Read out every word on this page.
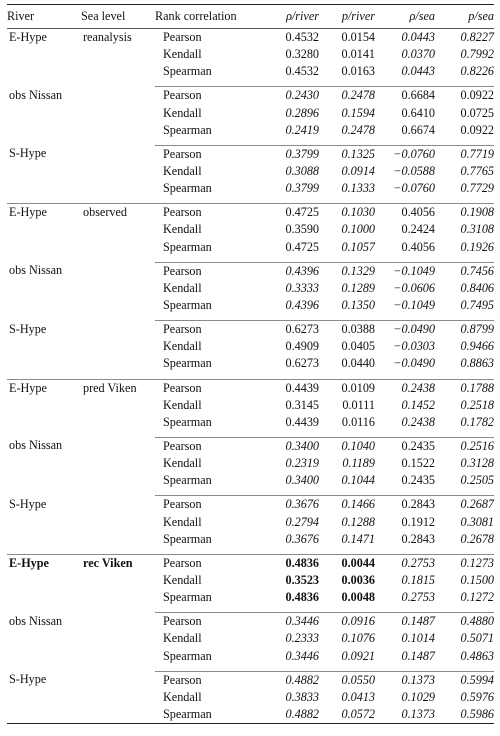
River	Sea level	Rank correlation	ρ/river	p/river	ρ/sea	p/sea
E-Hype	reanalysis	Pearson	0.4532	0.0154	0.0443	0.8227
		Kendall	0.3280	0.0141	0.0370	0.7992
		Spearman	0.4532	0.0163	0.0443	0.8226

obs Nissan		Pearson	0.2430	0.2478	0.6684	0.0922
		Kendall	0.2896	0.1594	0.6410	0.0725
		Spearman	0.2419	0.2478	0.6674	0.0922

S-Hype		Pearson	0.3799	0.1325	−0.0760	0.7719
		Kendall	0.3088	0.0914	−0.0588	0.7765
		Spearman	0.3799	0.1333	−0.0760	0.7729

E-Hype	observed	Pearson	0.4725	0.1030	0.4056	0.1908
		Kendall	0.3590	0.1000	0.2424	0.3108
		Spearman	0.4725	0.1057	0.4056	0.1926

obs Nissan		Pearson	0.4396	0.1329	−0.1049	0.7456
		Kendall	0.3333	0.1289	−0.0606	0.8406
		Spearman	0.4396	0.1350	−0.1049	0.7495

S-Hype		Pearson	0.6273	0.0388	−0.0490	0.8799
		Kendall	0.4909	0.0405	−0.0303	0.9466
		Spearman	0.6273	0.0440	−0.0490	0.8863

E-Hype	pred Viken	Pearson	0.4439	0.0109	0.2438	0.1788
		Kendall	0.3145	0.0111	0.1452	0.2518
		Spearman	0.4439	0.0116	0.2438	0.1782

obs Nissan		Pearson	0.3400	0.1040	0.2435	0.2516
		Kendall	0.2319	0.1189	0.1522	0.3128
		Spearman	0.3400	0.1044	0.2435	0.2505

S-Hype		Pearson	0.3676	0.1466	0.2843	0.2687
		Kendall	0.2794	0.1288	0.1912	0.3081
		Spearman	0.3676	0.1471	0.2843	0.2678

E-Hype	rec Viken	Pearson	0.4836	0.0044	0.2753	0.1273
		Kendall	0.3523	0.0036	0.1815	0.1500
		Spearman	0.4836	0.0048	0.2753	0.1272

obs Nissan		Pearson	0.3446	0.0916	0.1487	0.4880
		Kendall	0.2333	0.1076	0.1014	0.5071
		Spearman	0.3446	0.0921	0.1487	0.4863

S-Hype		Pearson	0.4882	0.0550	0.1373	0.5994
		Kendall	0.3833	0.0413	0.1029	0.5976
		Spearman	0.4882	0.0572	0.1373	0.5986
